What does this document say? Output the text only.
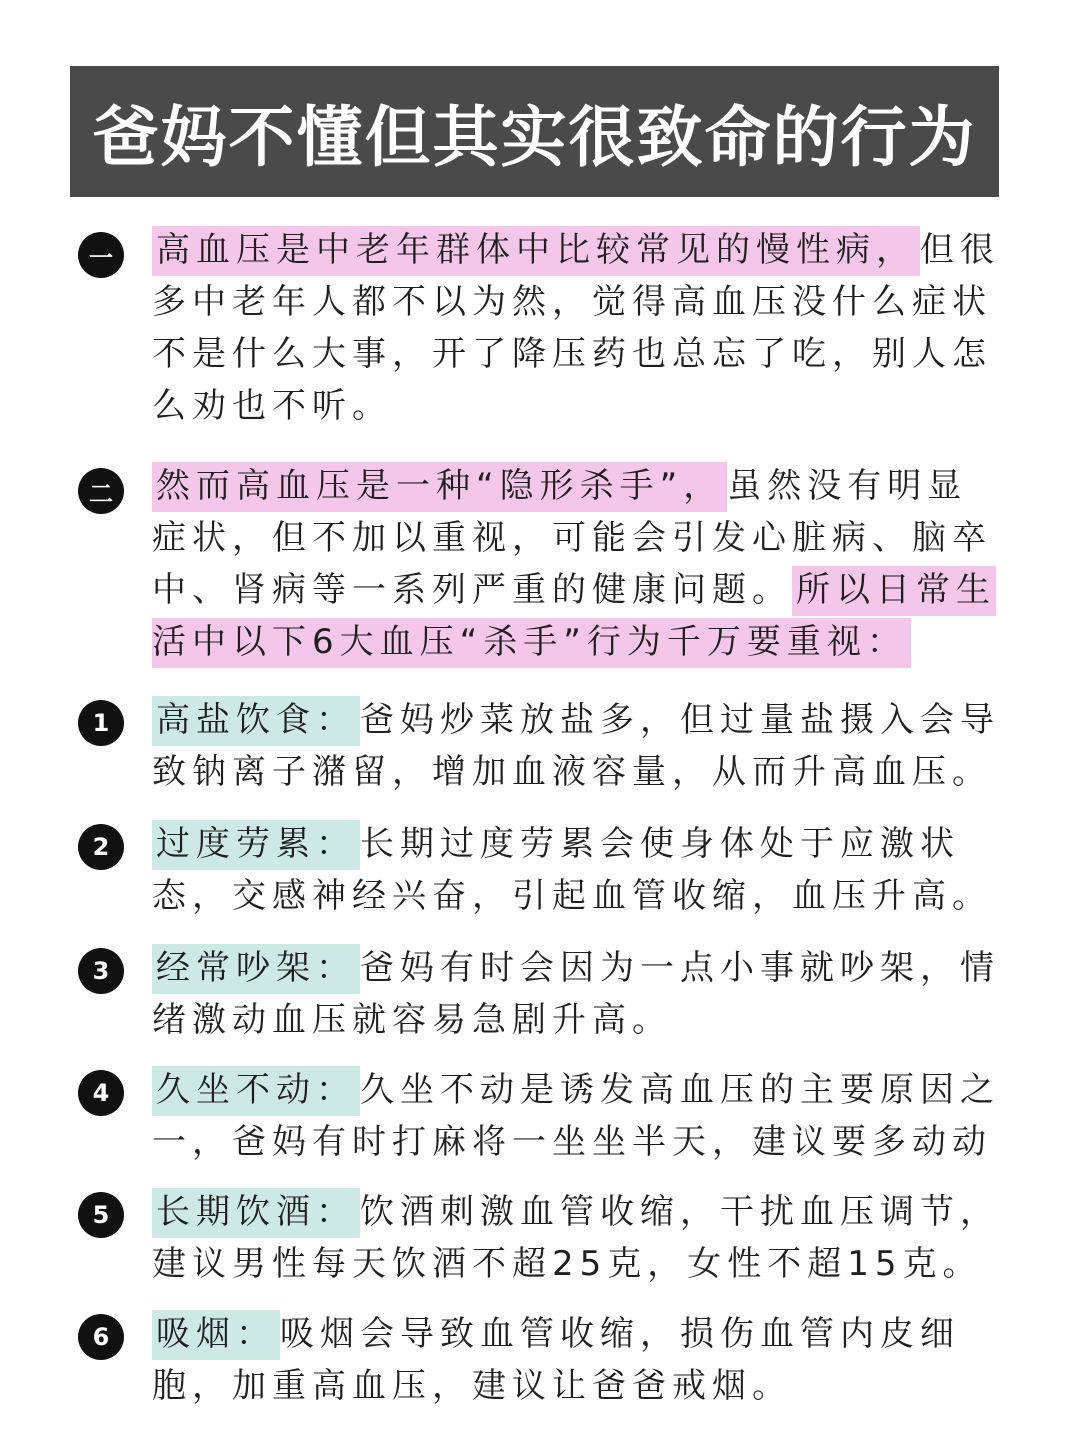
爸妈不懂但其实很致命的行为
一	高血压是中老年群体中比较常见的慢性病， 但很多中老年人都不以为然，觉得高血压没什么症状不是什么大事，开了降压药也总忘了吃，别人怎么劝也不听。
二	然而高血压是一种“隐形杀手”， 虽然没有明显症状，但不加以重视，可能会引发心脏病、脑卒中、肾病等一系列严重的健康问题。 所以日常生活中以下6大血压“杀手”行为千万要重视：
1	高盐饮食： 爸妈炒菜放盐多，但过量盐摄入会导致钠离子潴留，增加血液容量，从而升高血压。
2	过度劳累： 长期过度劳累会使身体处于应激状态，交感神经兴奋，引起血管收缩，血压升高。
3	经常吵架： 爸妈有时会因为一点小事就吵架，情绪激动血压就容易急剧升高。
4	久坐不动： 久坐不动是诱发高血压的主要原因之一，爸妈有时打麻将一坐坐半天，建议要多动动
5	长期饮酒： 饮酒刺激血管收缩，干扰血压调节，建议男性每天饮酒不超25克，女性不超15克。
6	吸烟： 吸烟会导致血管收缩，损伤血管内皮细胞，加重高血压，建议让爸爸戒烟。
